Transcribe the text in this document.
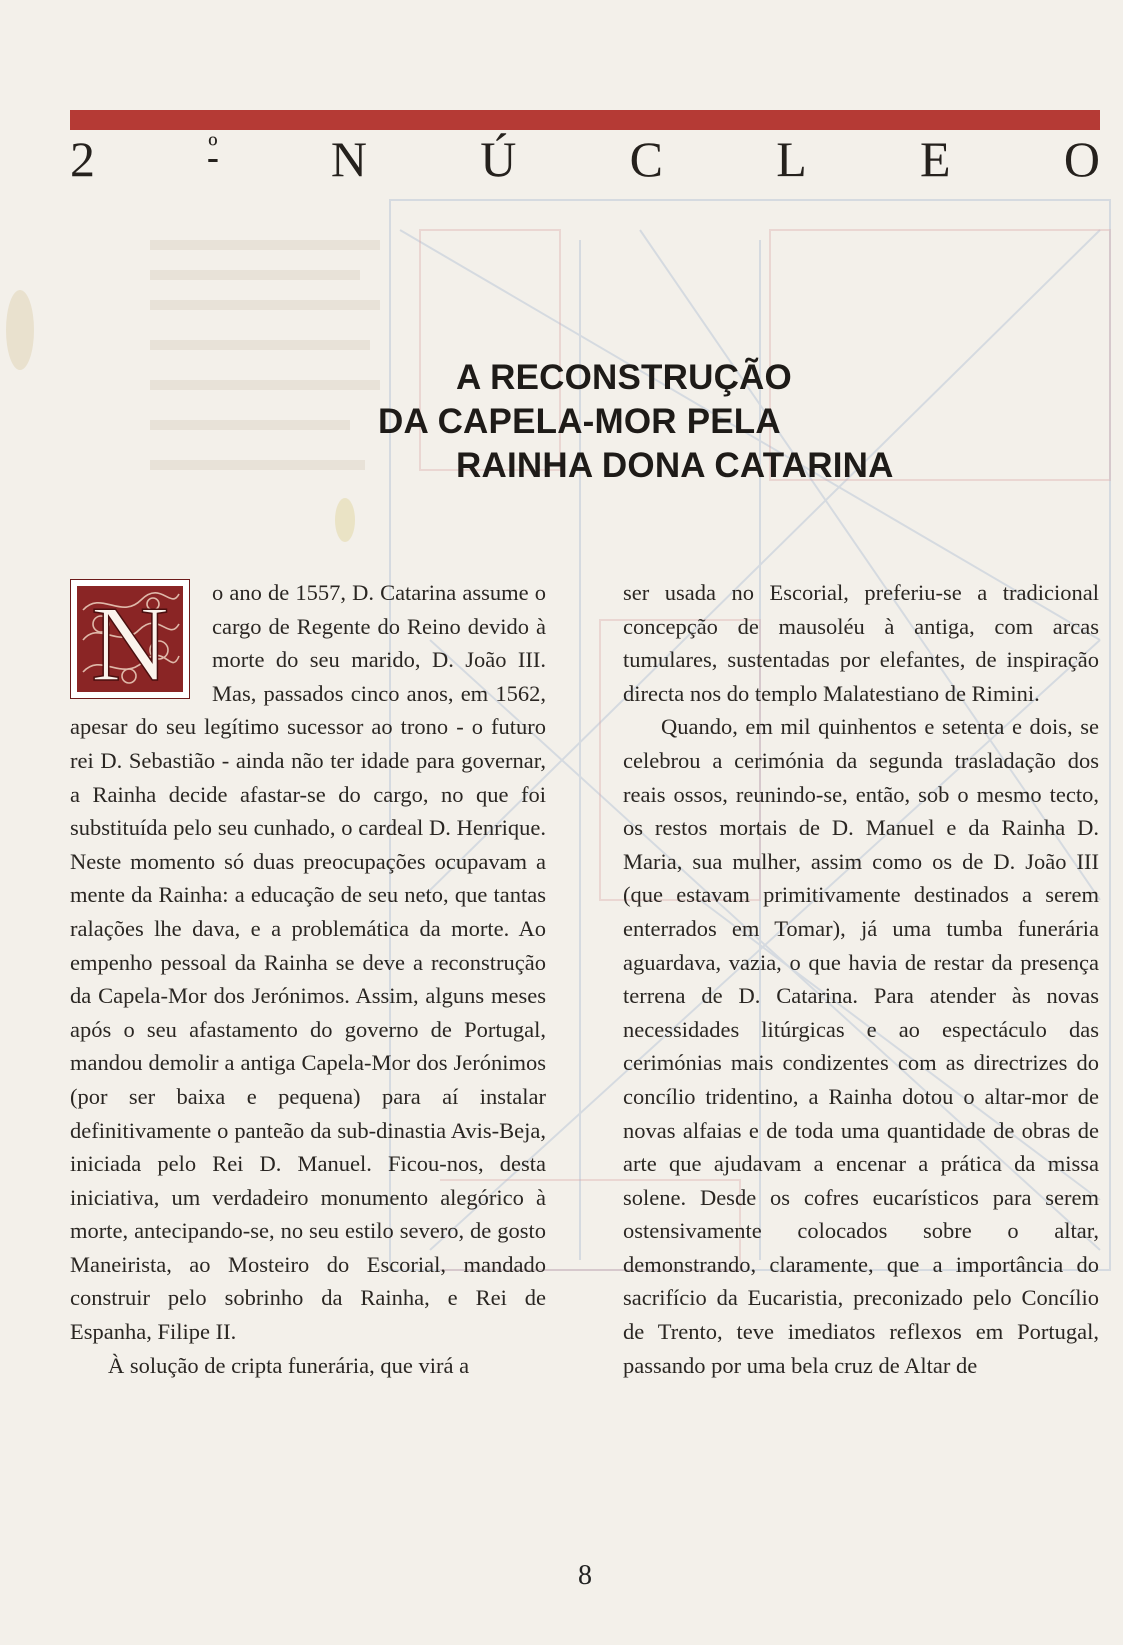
2	º N Ú C L E O
A RECONSTRUÇÃO
DA CAPELA-MOR PELA
RAINHA DONA CATARINA
N	o ano de 1557, D. Catarina assume o cargo de Regente do Reino devido à morte do seu marido, D. João III. Mas, passados cinco anos, em 1562, apesar do seu legítimo sucessor ao trono - o futuro rei D. Sebastião - ainda não ter idade para governar, a Rainha decide afastar-se do cargo, no que foi substituída pelo seu cunhado, o cardeal D. Henrique. Neste momento só duas preocupações ocupavam a mente da Rainha: a educação de seu neto, que tantas ralações lhe dava, e a problemática da morte. Ao empenho pessoal da Rainha se deve a reconstrução da Capela-Mor dos Jerónimos. Assim, alguns meses após o seu afastamento do governo de Portugal, mandou demolir a antiga Capela-Mor dos Jerónimos (por ser baixa e pequena) para aí instalar definitivamente o panteão da sub-dinastia Avis-Beja, iniciada pelo Rei D. Manuel. Ficou-nos, desta iniciativa, um verdadeiro monumento alegórico à morte, antecipando-se, no seu estilo severo, de gosto Maneirista, ao Mosteiro do Escorial, mandado construir pelo sobrinho da Rainha, e Rei de Espanha, Filipe II.

À solução de cripta funerária, que virá a

ser usada no Escorial, preferiu-se a tradicional concepção de mausoléu à antiga, com arcas tumulares, sustentadas por elefantes, de inspiração directa nos do templo Malatestiano de Rimini.

Quando, em mil quinhentos e setenta e dois, se celebrou a cerimónia da segunda trasladação dos reais ossos, reunindo-se, então, sob o mesmo tecto, os restos mortais de D. Manuel e da Rainha D. Maria, sua mulher, assim como os de D. João III (que estavam primitivamente destinados a serem enterrados em Tomar), já uma tumba funerária aguardava, vazia, o que havia de restar da presença terrena de D. Catarina. Para atender às novas necessidades litúrgicas e ao espectáculo das cerimónias mais condizentes com as directrizes do concílio tridentino, a Rainha dotou o altar-mor de novas alfaias e de toda uma quantidade de obras de arte que ajudavam a encenar a prática da missa solene. Desde os cofres eucarísticos para serem ostensivamente colocados sobre o altar, demonstrando, claramente, que a importância do sacrifício da Eucaristia, preconizado pelo Concílio de Trento, teve imediatos reflexos em Portugal, passando por uma bela cruz de Altar de

8
